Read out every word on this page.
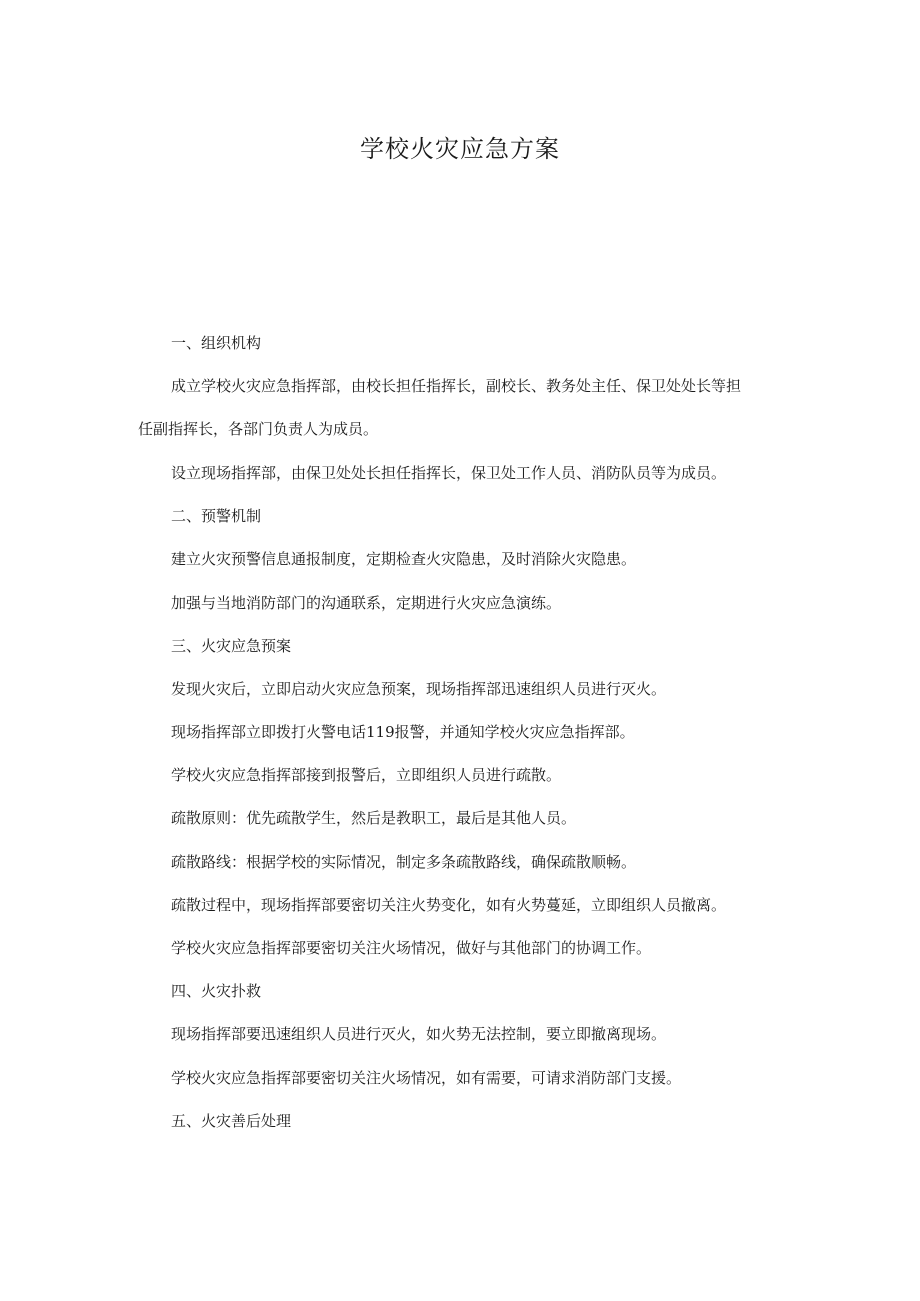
学校火灾应急方案
一、组织机构
成立学校火灾应急指挥部，由校长担任指挥长，副校长、教务处主任、保卫处处长等担
任副指挥长，各部门负责人为成员。
设立现场指挥部，由保卫处处长担任指挥长，保卫处工作人员、消防队员等为成员。
二、预警机制
建立火灾预警信息通报制度，定期检查火灾隐患，及时消除火灾隐患。
加强与当地消防部门的沟通联系，定期进行火灾应急演练。
三、火灾应急预案
发现火灾后，立即启动火灾应急预案，现场指挥部迅速组织人员进行灭火。
现场指挥部立即拨打火警电话119报警，并通知学校火灾应急指挥部。
学校火灾应急指挥部接到报警后，立即组织人员进行疏散。
疏散原则：优先疏散学生，然后是教职工，最后是其他人员。
疏散路线：根据学校的实际情况，制定多条疏散路线，确保疏散顺畅。
疏散过程中，现场指挥部要密切关注火势变化，如有火势蔓延，立即组织人员撤离。
学校火灾应急指挥部要密切关注火场情况，做好与其他部门的协调工作。
四、火灾扑救
现场指挥部要迅速组织人员进行灭火，如火势无法控制，要立即撤离现场。
学校火灾应急指挥部要密切关注火场情况，如有需要，可请求消防部门支援。
五、火灾善后处理
